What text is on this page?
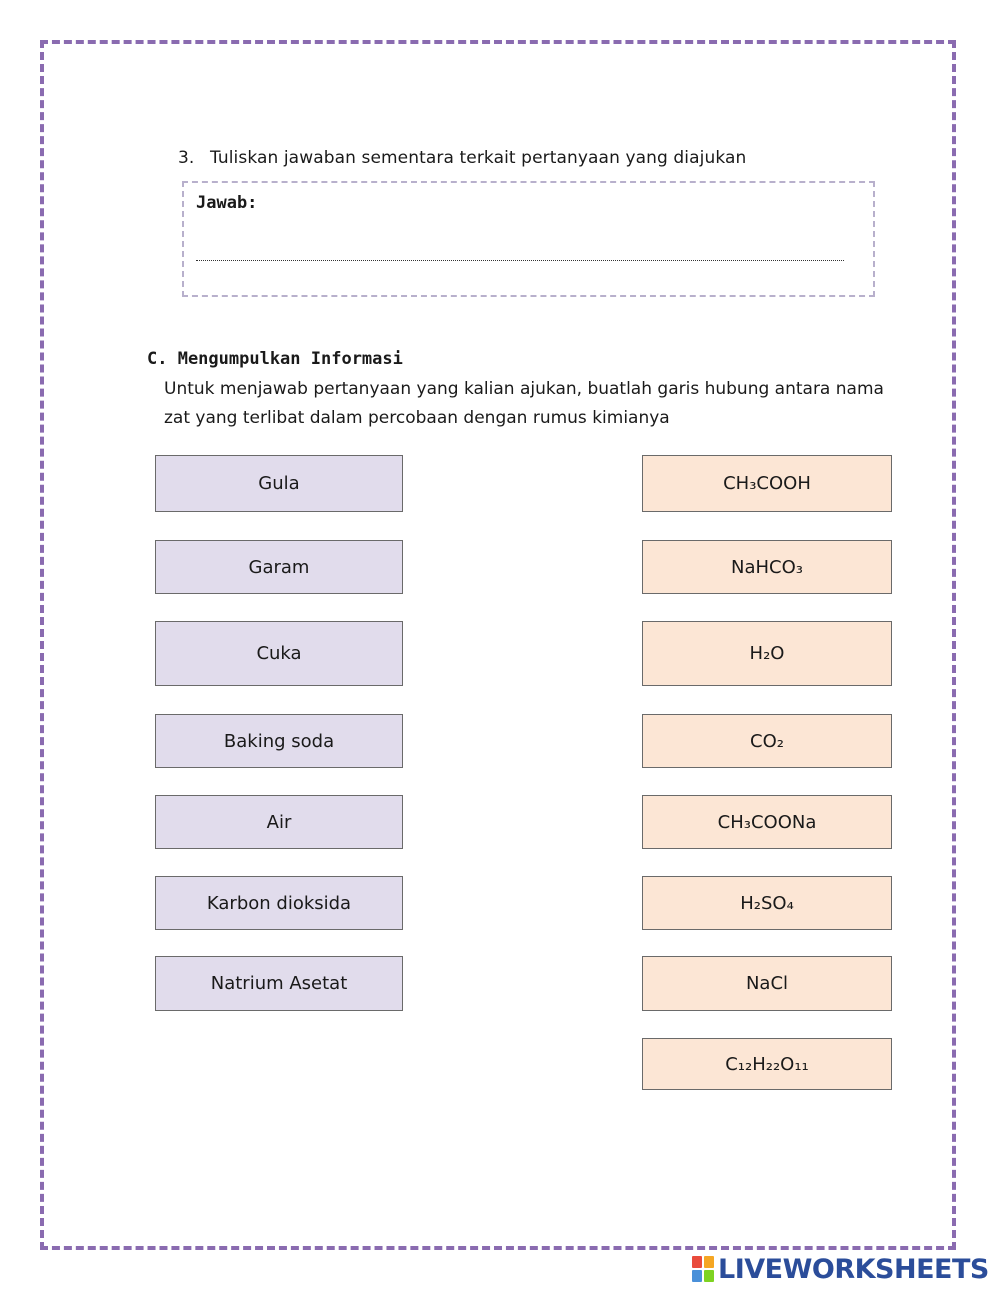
3. Tuliskan jawaban sementara terkait pertanyaan yang diajukan
Jawab:
C. Mengumpulkan Informasi
Untuk menjawab pertanyaan yang kalian ajukan, buatlah garis hubung antara nama zat yang terlibat dalam percobaan dengan rumus kimianya
Gula
Garam
Cuka
Baking soda
Air
Karbon dioksida
Natrium Asetat
CH₃COOH
NaHCO₃
H₂O
CO₂
CH₃COONa
H₂SO₄
NaCl
C₁₂H₂₂O₁₁
LIVEWORKSHEETS
